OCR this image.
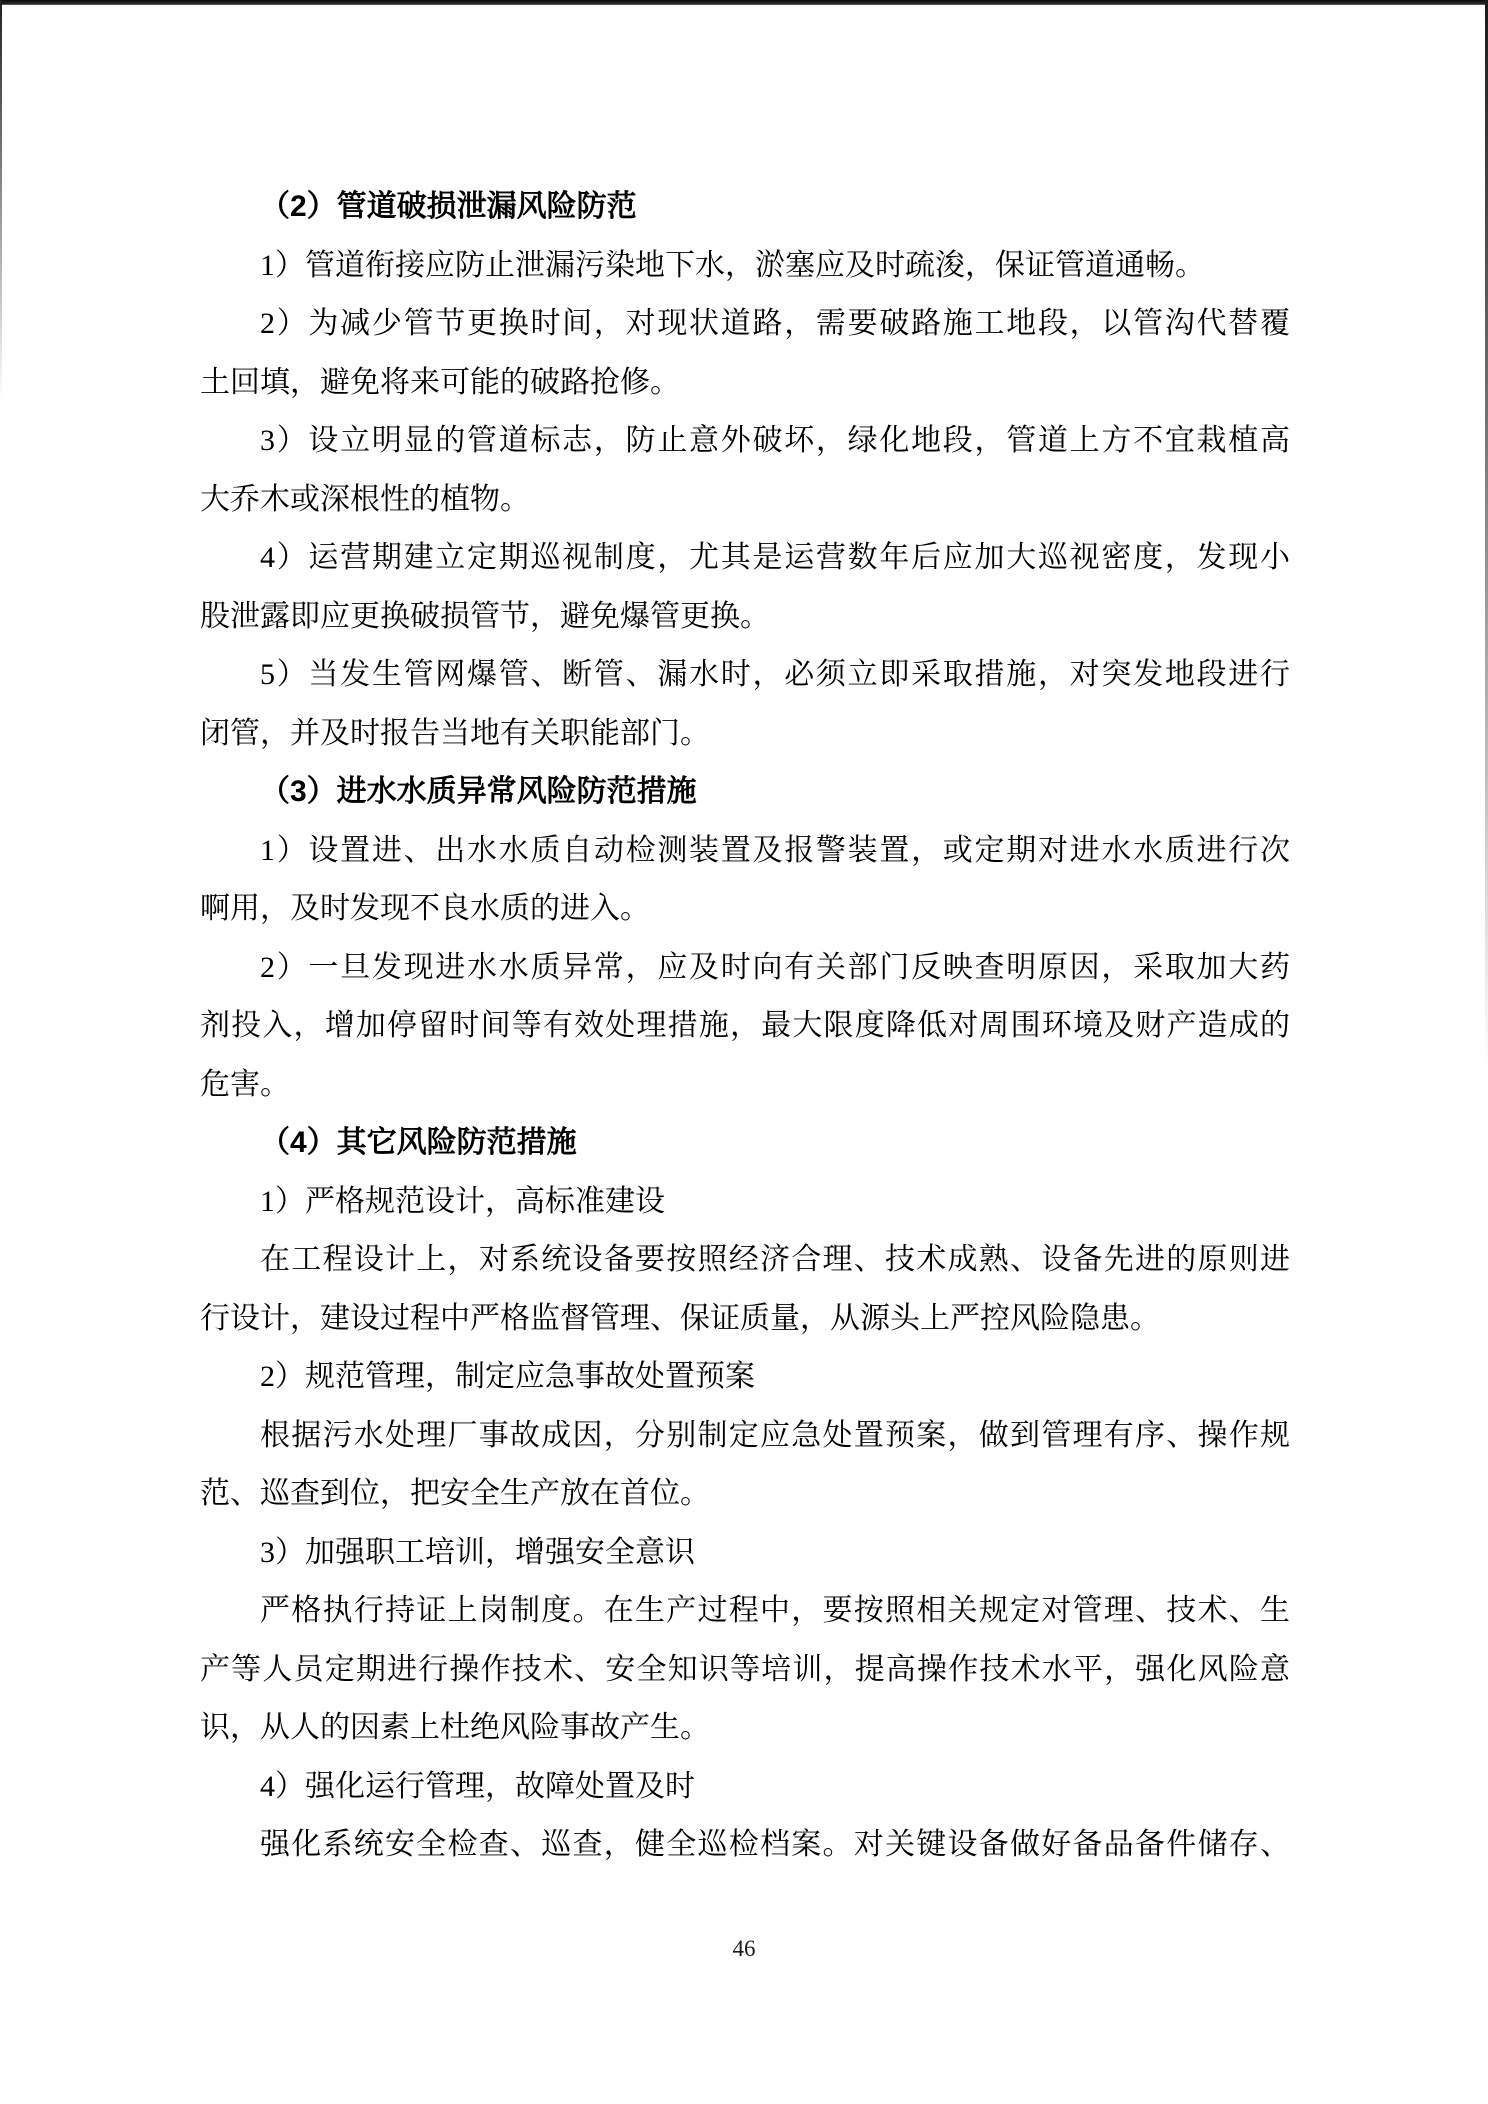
（2）管道破损泄漏风险防范
1）管道衔接应防止泄漏污染地下水，淤塞应及时疏浚，保证管道通畅。
2）为减少管节更换时间，对现状道路，需要破路施工地段，以管沟代替覆
土回填，避免将来可能的破路抢修。
3）设立明显的管道标志，防止意外破坏，绿化地段，管道上方不宜栽植高
大乔木或深根性的植物。
4）运营期建立定期巡视制度，尤其是运营数年后应加大巡视密度，发现小
股泄露即应更换破损管节，避免爆管更换。
5）当发生管网爆管、断管、漏水时，必须立即采取措施，对突发地段进行
闭管，并及时报告当地有关职能部门。
（3）进水水质异常风险防范措施
1）设置进、出水水质自动检测装置及报警装置，或定期对进水水质进行次
啊用，及时发现不良水质的进入。
2）一旦发现进水水质异常，应及时向有关部门反映查明原因，采取加大药
剂投入，增加停留时间等有效处理措施，最大限度降低对周围环境及财产造成的
危害。
（4）其它风险防范措施
1）严格规范设计，高标准建设
在工程设计上，对系统设备要按照经济合理、技术成熟、设备先进的原则进
行设计，建设过程中严格监督管理、保证质量，从源头上严控风险隐患。
2）规范管理，制定应急事故处置预案
根据污水处理厂事故成因，分别制定应急处置预案，做到管理有序、操作规
范、巡查到位，把安全生产放在首位。
3）加强职工培训，增强安全意识
严格执行持证上岗制度。在生产过程中，要按照相关规定对管理、技术、生
产等人员定期进行操作技术、安全知识等培训，提高操作技术水平，强化风险意
识，从人的因素上杜绝风险事故产生。
4）强化运行管理，故障处置及时
强化系统安全检查、巡查，健全巡检档案。对关键设备做好备品备件储存、
46
